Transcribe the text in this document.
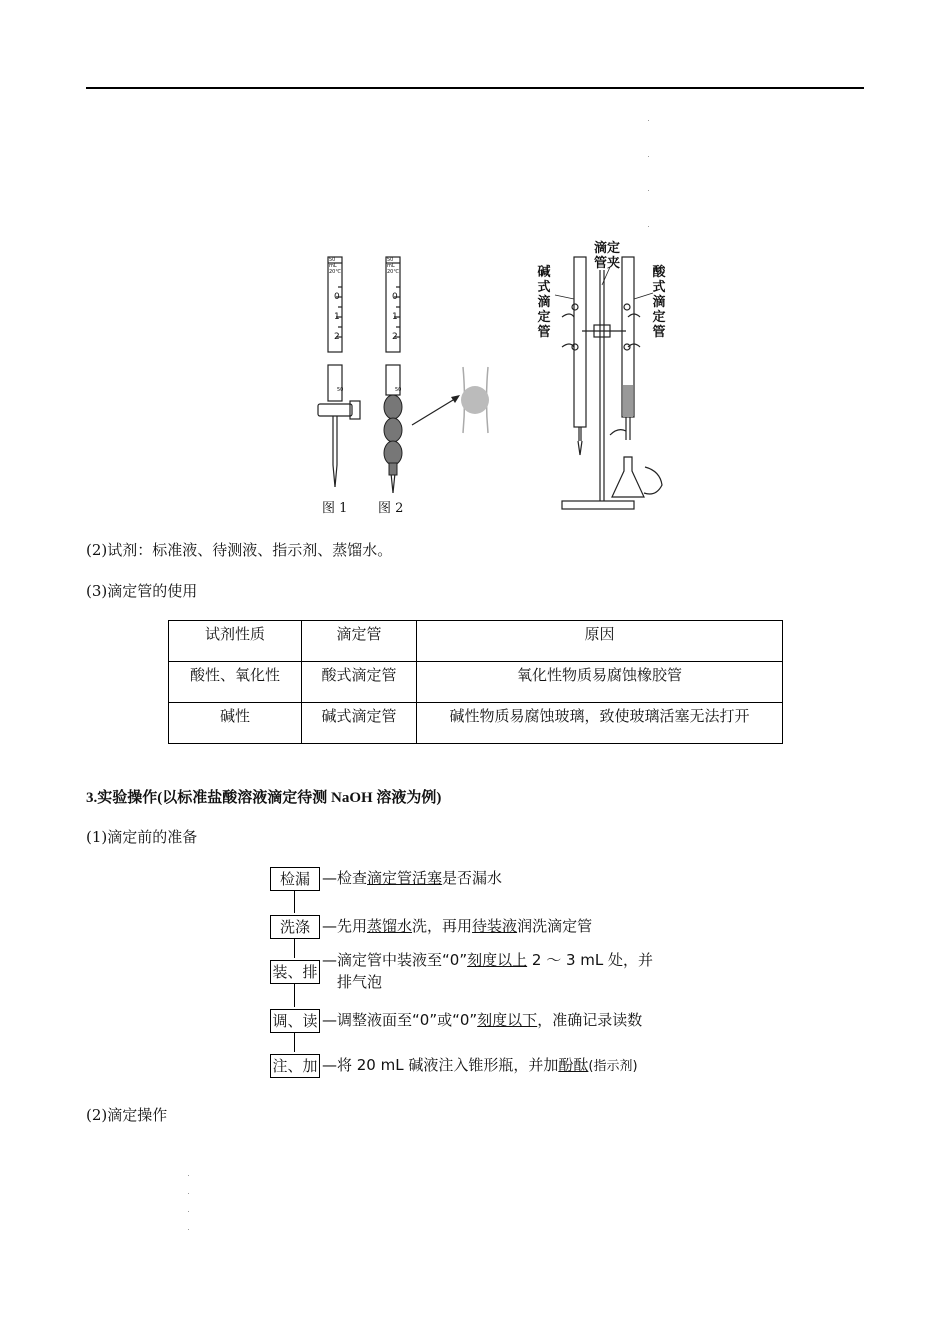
图 1 图 2
滴定
管夹
碱
式
滴
定
管
酸
式
滴
定
管
50 mL 20℃
50 mL 20℃
0
1
2
0
1
2
50	50
(2)试剂：标准液、待测液、指示剂、蒸馏水。
(3)滴定管的使用
试剂性质	滴定管	原因
酸性、氧化性	酸式滴定管	氧化性物质易腐蚀橡胶管
碱性	碱式滴定管	碱性物质易腐蚀玻璃，致使玻璃活塞无法打开
3.实验操作(以标准盐酸溶液滴定待测 NaOH 溶液为例)
(1)滴定前的准备
检漏 —检查滴定管活塞是否漏水
洗涤 —先用蒸馏水洗，再用待装液润洗滴定管
装、排
—滴定管中装液至“0”刻度以上 2 ～ 3 mL 处，并
排气泡
调、读 —调整液面至“0”或“0”刻度以下，准确记录读数
注、加 —将 20 mL 碱液注入锥形瓶，并加酚酞(指示剂)
(2)滴定操作
